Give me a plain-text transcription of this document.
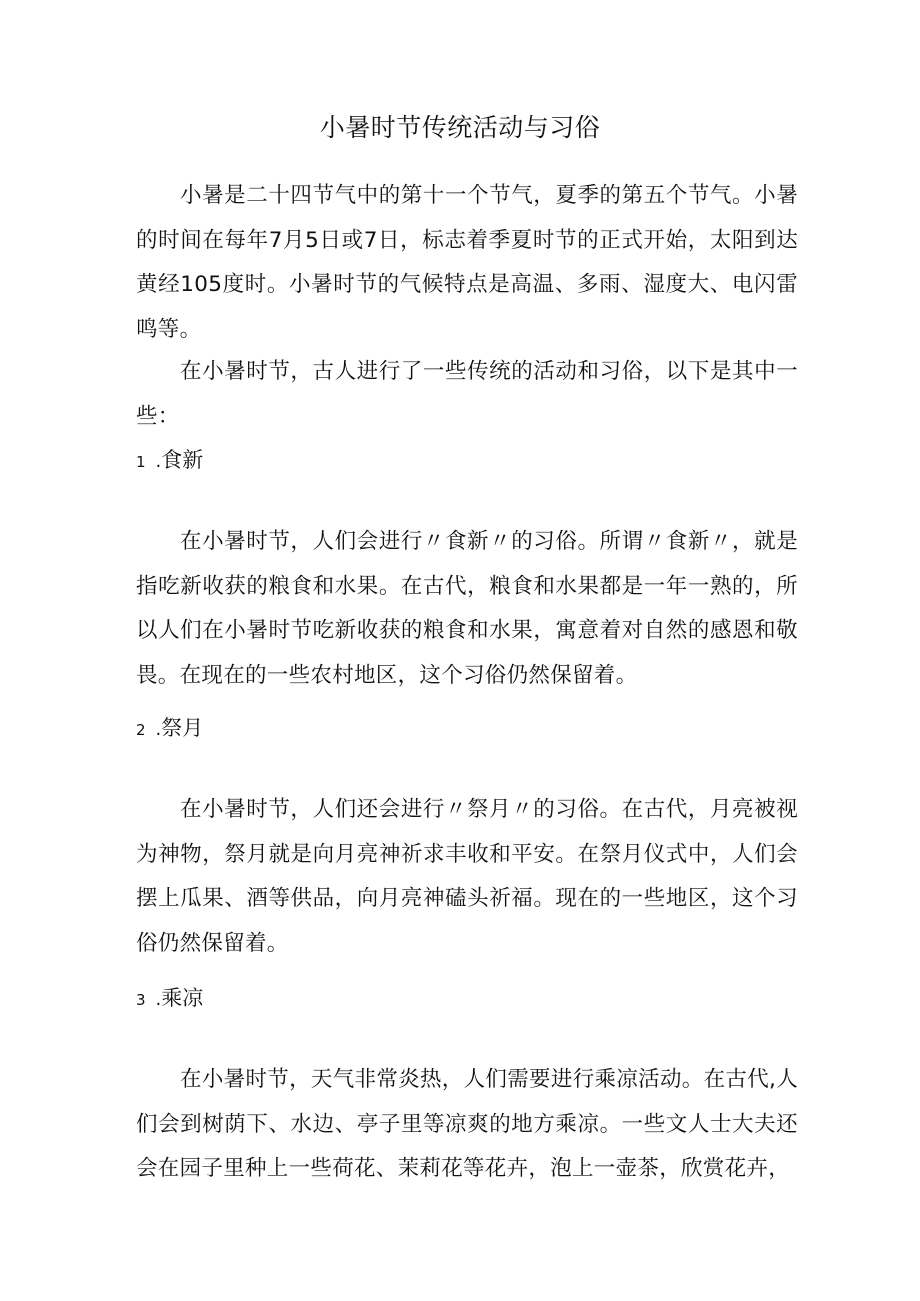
小暑时节传统活动与习俗
小暑是二十四节气中的第十一个节气，夏季的第五个节气。小暑的时间在每年7月5日或7日，标志着季夏时节的正式开始，太阳到达黄经105度时。小暑时节的气候特点是高温、多雨、湿度大、电闪雷鸣等。
在小暑时节，古人进行了一些传统的活动和习俗，以下是其中一些：
1 .食新
在小暑时节，人们会进行〃食新〃的习俗。所谓〃食新〃，就是指吃新收获的粮食和水果。在古代，粮食和水果都是一年一熟的，所以人们在小暑时节吃新收获的粮食和水果，寓意着对自然的感恩和敬畏。在现在的一些农村地区，这个习俗仍然保留着。
2 .祭月
在小暑时节，人们还会进行〃祭月〃的习俗。在古代，月亮被视为神物，祭月就是向月亮神祈求丰收和平安。在祭月仪式中，人们会摆上瓜果、酒等供品，向月亮神磕头祈福。现在的一些地区，这个习俗仍然保留着。
3 .乘凉
在小暑时节，天气非常炎热，人们需要进行乘凉活动。在古代,人们会到树荫下、水边、亭子里等凉爽的地方乘凉。一些文人士大夫还会在园子里种上一些荷花、茉莉花等花卉，泡上一壶茶，欣赏花卉，
